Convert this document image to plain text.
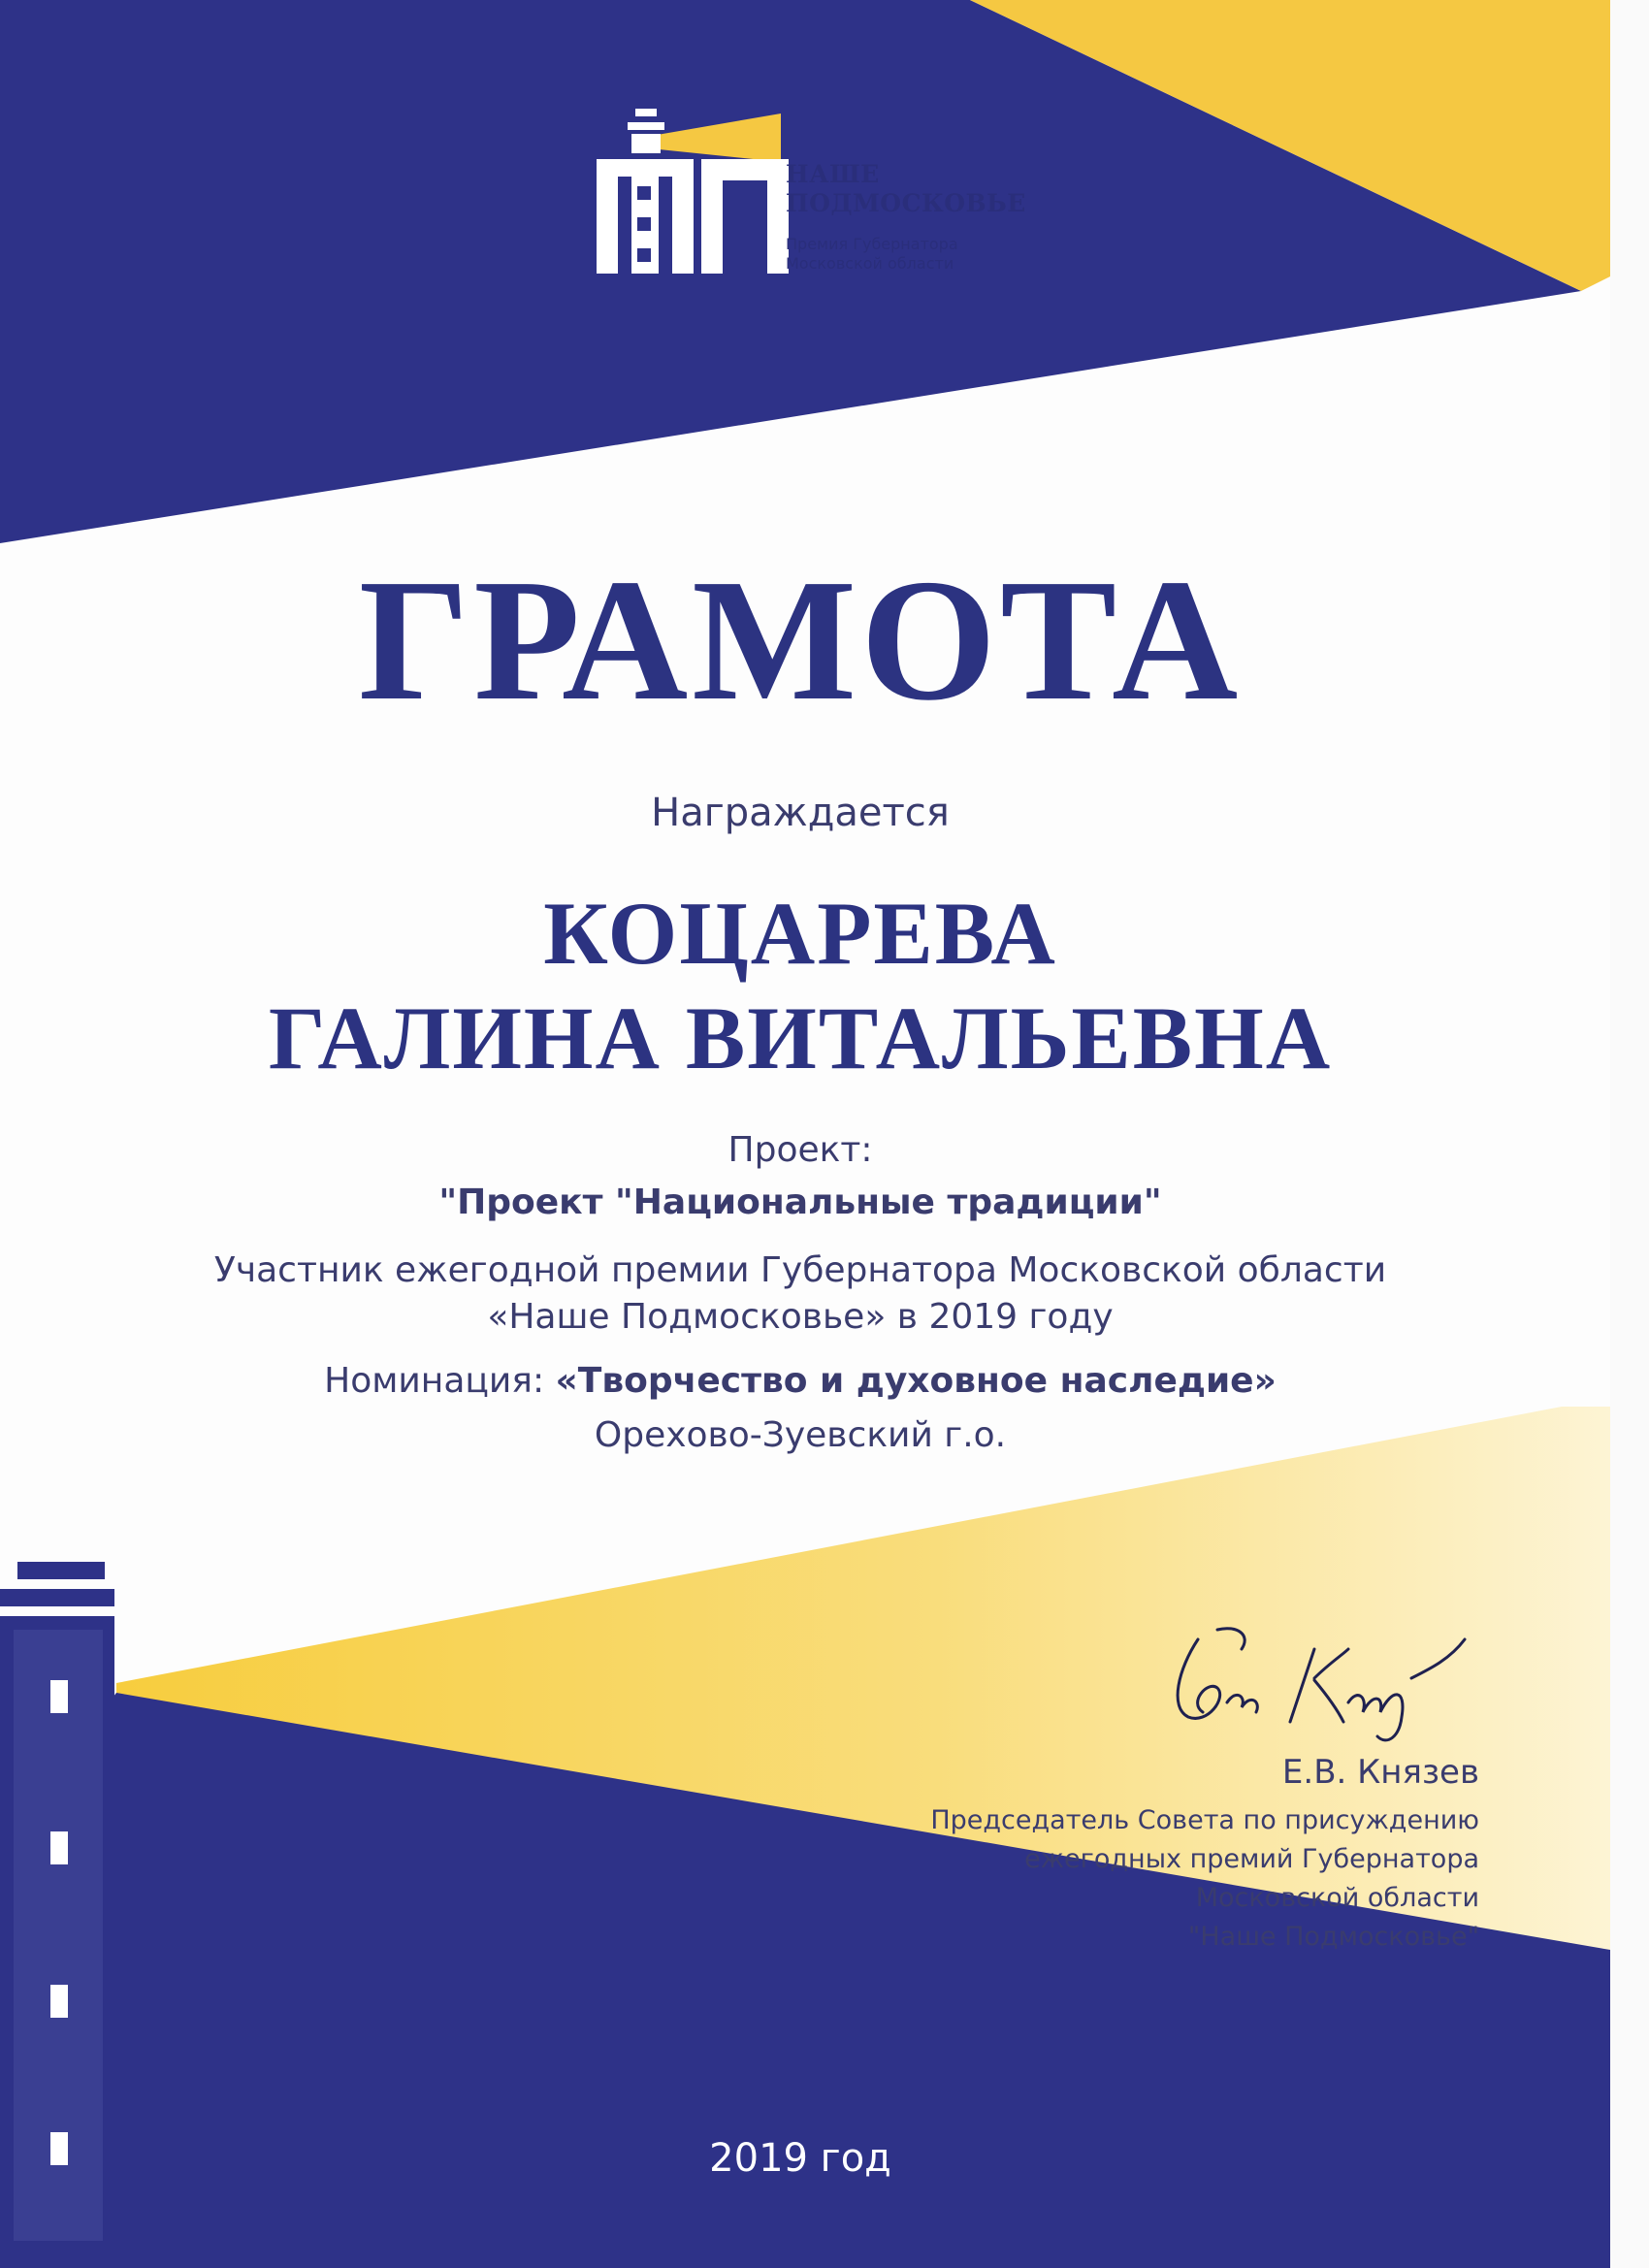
НАШЕ
ПОДМОСКОВЬЕ
Премия Губернатора
Московской области
ГРАМОТА
Награждается
КОЦАРЕВА
ГАЛИНА ВИТАЛЬЕВНА
Проект:
"Проект "Национальные традиции"
Участник ежегодной премии Губернатора Московской области
«Наше Подмосковье» в 2019 году
Номинация: «Творчество и духовное наследие»
Орехово-Зуевский г.о.
Е.В. Князев
Председатель Совета по присуждению
ежегодных премий Губернатора
Московской области
"Наше Подмосковье"
2019 год
